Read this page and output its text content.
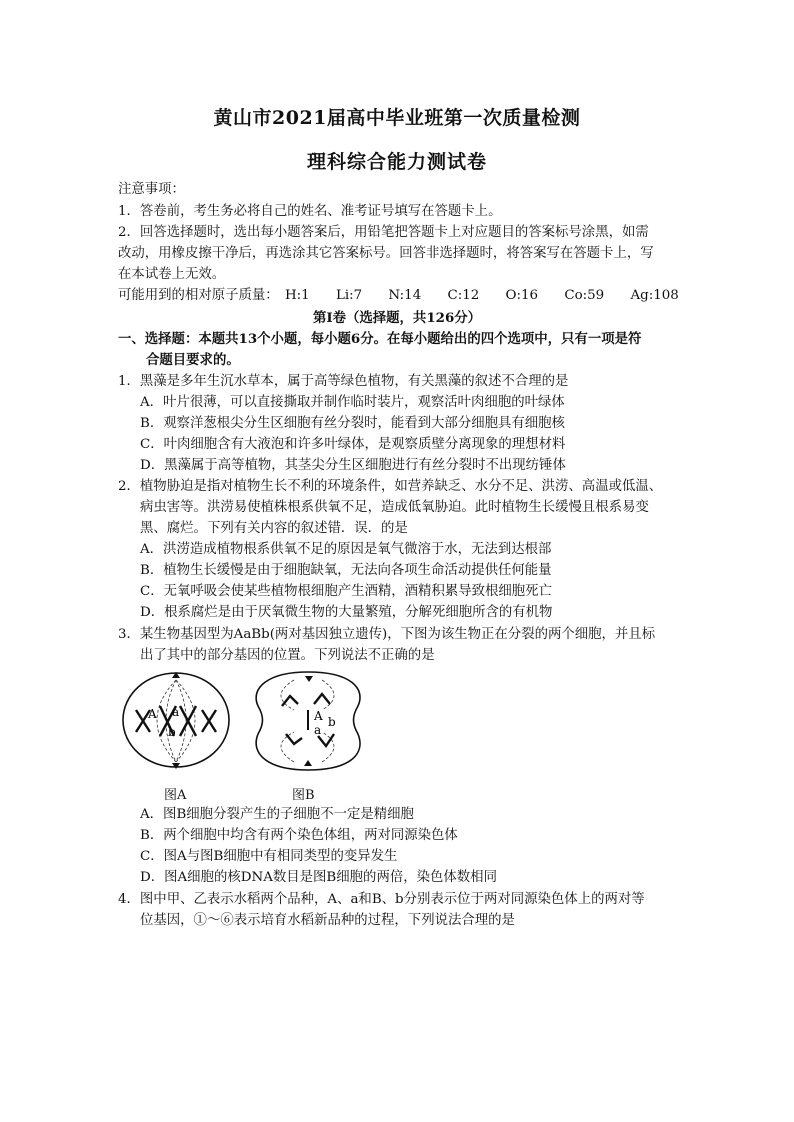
黄山市2021届高中毕业班第一次质量检测
理科综合能力测试卷
注意事项：
1．答卷前，考生务必将自己的姓名、准考证号填写在答题卡上。
2．回答选择题时，选出每小题答案后，用铅笔把答题卡上对应题目的答案标号涂黑，如需
改动，用橡皮擦干净后，再选涂其它答案标号。回答非选择题时，将答案写在答题卡上，写
在本试卷上无效。
可能用到的相对原子质量： H:1 Li:7 N:14 C:12 O:16 Co:59 Ag:108
第Ⅰ卷（选择题，共126分）
一、选择题：本题共13个小题，每小题6分。在每小题给出的四个选项中，只有一项是符
合题目要求的。
1．黑藻是多年生沉水草本，属于高等绿色植物，有关黑藻的叙述不合理的是
A．叶片很薄，可以直接撕取并制作临时装片，观察活叶肉细胞的叶绿体
B．观察洋葱根尖分生区细胞有丝分裂时，能看到大部分细胞具有细胞核
C．叶肉细胞含有大液泡和许多叶绿体，是观察质壁分离现象的理想材料
D．黑藻属于高等植物，其茎尖分生区细胞进行有丝分裂时不出现纺锤体
2．植物胁迫是指对植物生长不利的环境条件，如营养缺乏、水分不足、洪涝、高温或低温、
病虫害等。洪涝易使植株根系供氧不足，造成低氧胁迫。此时植物生长缓慢且根系易变
黑、腐烂。下列有关内容的叙述错．误．的是
A．洪涝造成植物根系供氧不足的原因是氧气微溶于水，无法到达根部
B．植物生长缓慢是由于细胞缺氧，无法向各项生命活动提供任何能量
C．无氧呼吸会使某些植物根细胞产生酒精，酒精积累导致根细胞死亡
D．根系腐烂是由于厌氧微生物的大量繁殖，分解死细胞所含的有机物
3．某生物基因型为AaBb(两对基因独立遗传)，下图为该生物正在分裂的两个细胞，并且标
出了其中的部分基因的位置。下列说法不正确的是
A a
b
A
a
b
图A	图B
A．图B细胞分裂产生的子细胞不一定是精细胞
B．两个细胞中均含有两个染色体组，两对同源染色体
C．图A与图B细胞中有相同类型的变异发生
D．图A细胞的核DNA数目是图B细胞的两倍，染色体数相同
4．图中甲、乙表示水稻两个品种，A、a和B、b分别表示位于两对同源染色体上的两对等
位基因，①～⑥表示培育水稻新品种的过程，下列说法合理的是
